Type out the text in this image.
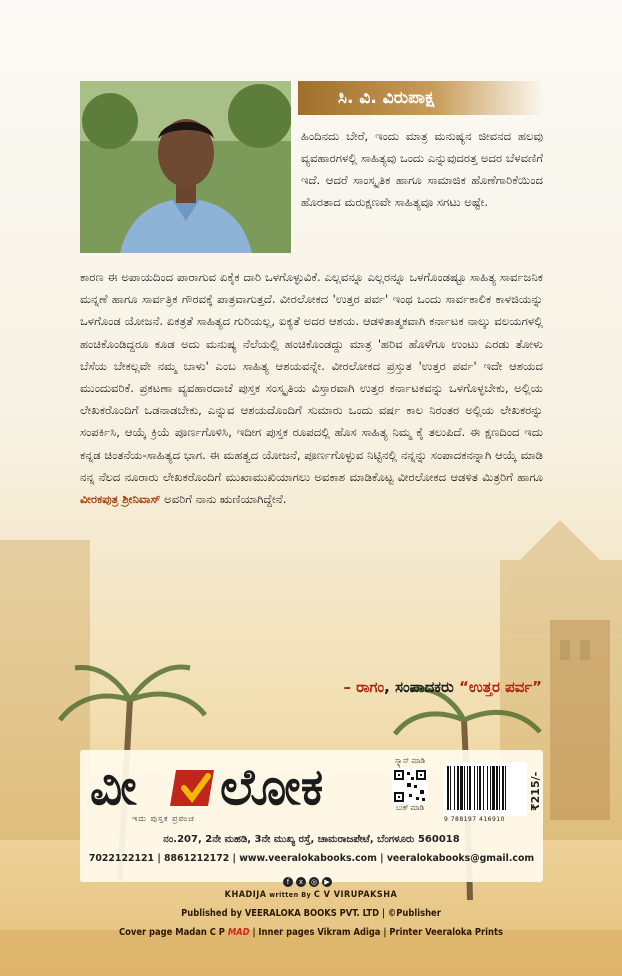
ಸಿ. ವಿ. ವಿರುಪಾಕ್ಷ

ಹಿಂದಿನದು ಬೇರೆ, ಇಂದು ಮಾತ್ರ ಮನುಷ್ಯನ ಜೀವನದ ಹಲವು ವ್ಯವಹಾರಗಳಲ್ಲಿ ಸಾಹಿತ್ಯವು ಒಂದು ಎನ್ನುವುದರತ್ತ ಅದರ ಬೆಳವಣಿಗೆ ಇದೆ. ಆದರೆ ಸಾಂಸ್ಕೃತಿಕ ಹಾಗೂ ಸಾಮಾಜಿಕ ಹೊಣೆಗಾರಿಕೆಯಿಂದ ಹೊರತಾದ ಮರುಕ್ಷಣವೇ ಸಾಹಿತ್ಯವೂ ಸಗಟು ಅಷ್ಟೇ.

ಕಾರಣ ಈ ಅಪಾಯದಿಂದ ಪಾರಾಗುವ ಏಕೈಕ ದಾರಿ ಒಳಗೊಳ್ಳುವಿಕೆ. ಎಲ್ಲವನ್ನೂ ಎಲ್ಲರನ್ನೂ ಒಳಗೊಂಡಷ್ಟೂ ಸಾಹಿತ್ಯ ಸಾರ್ವಜನಿಕ ಮನ್ನಣೆ ಹಾಗೂ ಸಾರ್ವತ್ರಿಕ ಗೌರವಕ್ಕೆ ಪಾತ್ರವಾಗುತ್ತದೆ. ವೀರಲೋಕದ 'ಉತ್ತರ ಪರ್ವ' ಇಂಥ ಒಂದು ಸಾರ್ವಕಾಲಿಕ ಕಾಳಜಿಯನ್ನು ಒಳಗೊಂಡ ಯೋಜನೆ. ಏಕತ್ರತೆ ಸಾಹಿತ್ಯದ ಗುರಿಯಲ್ಲ, ಐಕ್ಯತೆ ಅದರ ಆಶಯ. ಆಡಳಿತಾತ್ಮಕವಾಗಿ ಕರ್ನಾಟಕ ನಾಲ್ಕು ವಲಯಗಳಲ್ಲಿ ಹಂಚಿಕೊಂಡಿದ್ದರೂ ಕೂಡ ಅದು ಮನುಷ್ಯ ನೆಲೆಯಲ್ಲಿ ಹಂಚಿಕೊಂಡದ್ದು ಮಾತ್ರ 'ಹರಿವ ಹೊಳೆಗೂ ಉಂಟು ಎರಡು ತೋಳು ಬೆಸೆಯ ಬೇಕಲ್ಲವೇ ನಮ್ಮ ಬಾಳು' ಎಂಬ ಸಾಹಿತ್ಯ ಆಶಯವನ್ನೇ. ವೀರಲೋಕದ ಪ್ರಸ್ತುತ 'ಉತ್ತರ ಪರ್ವ' ಇದೇ ಆಶಯದ ಮುಂದುವರಿಕೆ. ಪ್ರಕಟಣಾ ವ್ಯವಹಾರದಾಚೆ ಪುಸ್ತಕ ಸಂಸ್ಕೃತಿಯ ವಿಸ್ತಾರವಾಗಿ ಉತ್ತರ ಕರ್ನಾಟಕವನ್ನು ಒಳಗೊಳ್ಳಬೇಕು, ಅಲ್ಲಿಯ ಲೇಖಕರೊಂದಿಗೆ ಒಡನಾಡಬೇಕು, ಎನ್ನುವ ಆಶಯದೊಂದಿಗೆ ಸುಮಾರು ಒಂದು ವರ್ಷ ಕಾಲ ನಿರಂತರ ಅಲ್ಲಿಯ ಲೇಖಕರನ್ನು ಸಂಪರ್ಕಿಸಿ, ಆಯ್ಕೆ ಕ್ರಿಯೆ ಪೂರ್ಣಗೊಳಿಸಿ, ಇದೀಗ ಪುಸ್ತಕ ರೂಪದಲ್ಲಿ ಹೊಸ ಸಾಹಿತ್ಯ ನಿಮ್ಮ ಕೈ ತಲುಪಿದೆ. ಈ ಕ್ಷಣದಿಂದ ಇದು ಕನ್ನಡ ಚಿಂತನೆಯ-ಸಾಹಿತ್ಯದ ಭಾಗ. ಈ ಮಹತ್ವದ ಯೋಜನೆ, ಪೂರ್ಣಗೊಳ್ಳುವ ನಿಟ್ಟಿನಲ್ಲಿ ನನ್ನನ್ನು ಸಂಪಾದಕನನ್ನಾಗಿ ಆಯ್ಕೆ ಮಾಡಿ ನನ್ನ ನೆಲದ ನೂರಾರು ಲೇಖಕರೊಂದಿಗೆ ಮುಖಾಮುಖಿಯಾಗಲು ಅವಕಾಶ ಮಾಡಿಕೊಟ್ಟ ವೀರಲೋಕದ ಆಡಳಿತ ಮಿತ್ರರಿಗೆ ಹಾಗೂ ವೀರಕಪುತ್ರ ಶ್ರೀನಿವಾಸ್ ಅವರಿಗೆ ನಾನು ಋಣಿಯಾಗಿದ್ದೇನೆ.

– ರಾಗಂ, ಸಂಪಾದಕರು “ಉತ್ತರ ಪರ್ವ”
ವೀ ಲೋಕ
ಇದು ಪುಸ್ತಕ ಪ್ರಪಂಚ
ಸ್ಕ್ಯಾನ್ ಮಾಡಿ
ಬುಕ್ ಮಾಡಿ
9 788197 416910
₹215/-
ನಂ.207, 2ನೇ ಮಹಡಿ, 3ನೇ ಮುಖ್ಯ ರಸ್ತೆ, ಚಾಮರಾಜಪೇಟೆ, ಬೆಂಗಳೂರು 560018
7022122121 | 8861212172 | www.veeralokabooks.com | veeralokabooks@gmail.com
f x ◎ ▶
KHADIJA written By C V VIRUPAKSHA
Published by VEERALOKA BOOKS PVT. LTD | ©Publisher
Cover page Madan C P MAD | Inner pages Vikram Adiga | Printer Veeraloka Prints
